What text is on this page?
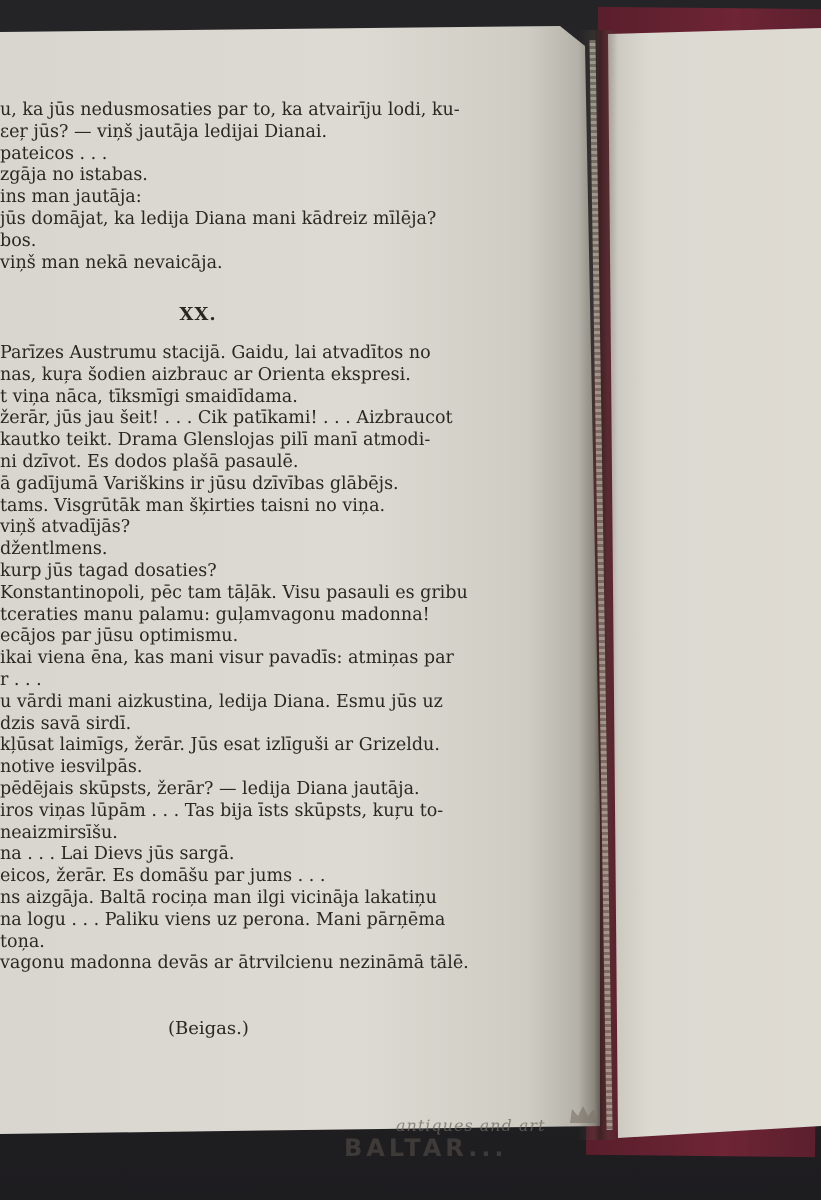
u, ka jūs nedusmosaties par to, ka atvairīju lodi, ku-
ɛeŗ jūs? — viņš jautāja ledijai Dianai.
pateicos . . .
zgāja no istabas.
ins man jautāja:
jūs domājat, ka ledija Diana mani kādreiz mīlēja?
bos.
viņš man nekā nevaicāja.
XX.
Parīzes Austrumu stacijā. Gaidu, lai atvadītos no
nas, kuŗa šodien aizbrauc ar Orienta ekspresi.
t viņa nāca, tīksmīgi smaidīdama.
žerār, jūs jau šeit! . . . Cik patīkami! . . . Aizbraucot
kautko teikt. Drama Glenslojas pilī manī atmodi-
ni dzīvot. Es dodos plašā pasaulē.
ā gadījumā Variškins ir jūsu dzīvības glābējs.
tams. Visgrūtāk man šķirties taisni no viņa.
viņš atvadījās?
džentlmens.
kurp jūs tagad dosaties?
Konstantinopoli, pēc tam tāļāk. Visu pasauli es gribu
tceraties manu palamu: guļamvagonu madonna!
ecājos par jūsu optimismu.
ikai viena ēna, kas mani visur pavadīs: atmiņas par
r . . .
u vārdi mani aizkustina, ledija Diana. Esmu jūs uz
dzis savā sirdī.
kļūsat laimīgs, žerār. Jūs esat izlīguši ar Grizeldu.
notive iesvilpās.
pēdējais skūpsts, žerār? — ledija Diana jautāja.
iros viņas lūpām . . . Tas bija īsts skūpsts, kuŗu to-
neaizmirsīšu.
na . . . Lai Dievs jūs sargā.
eicos, žerār. Es domāšu par jums . . .
ns aizgāja. Baltā rociņa man ilgi vicināja lakatiņu
na logu . . . Paliku viens uz perona. Mani pārņēma
toņa.
vagonu madonna devās ar ātrvilcienu nezināmā tālē.
(Beigas.)
antiques and art
BALTAR...
